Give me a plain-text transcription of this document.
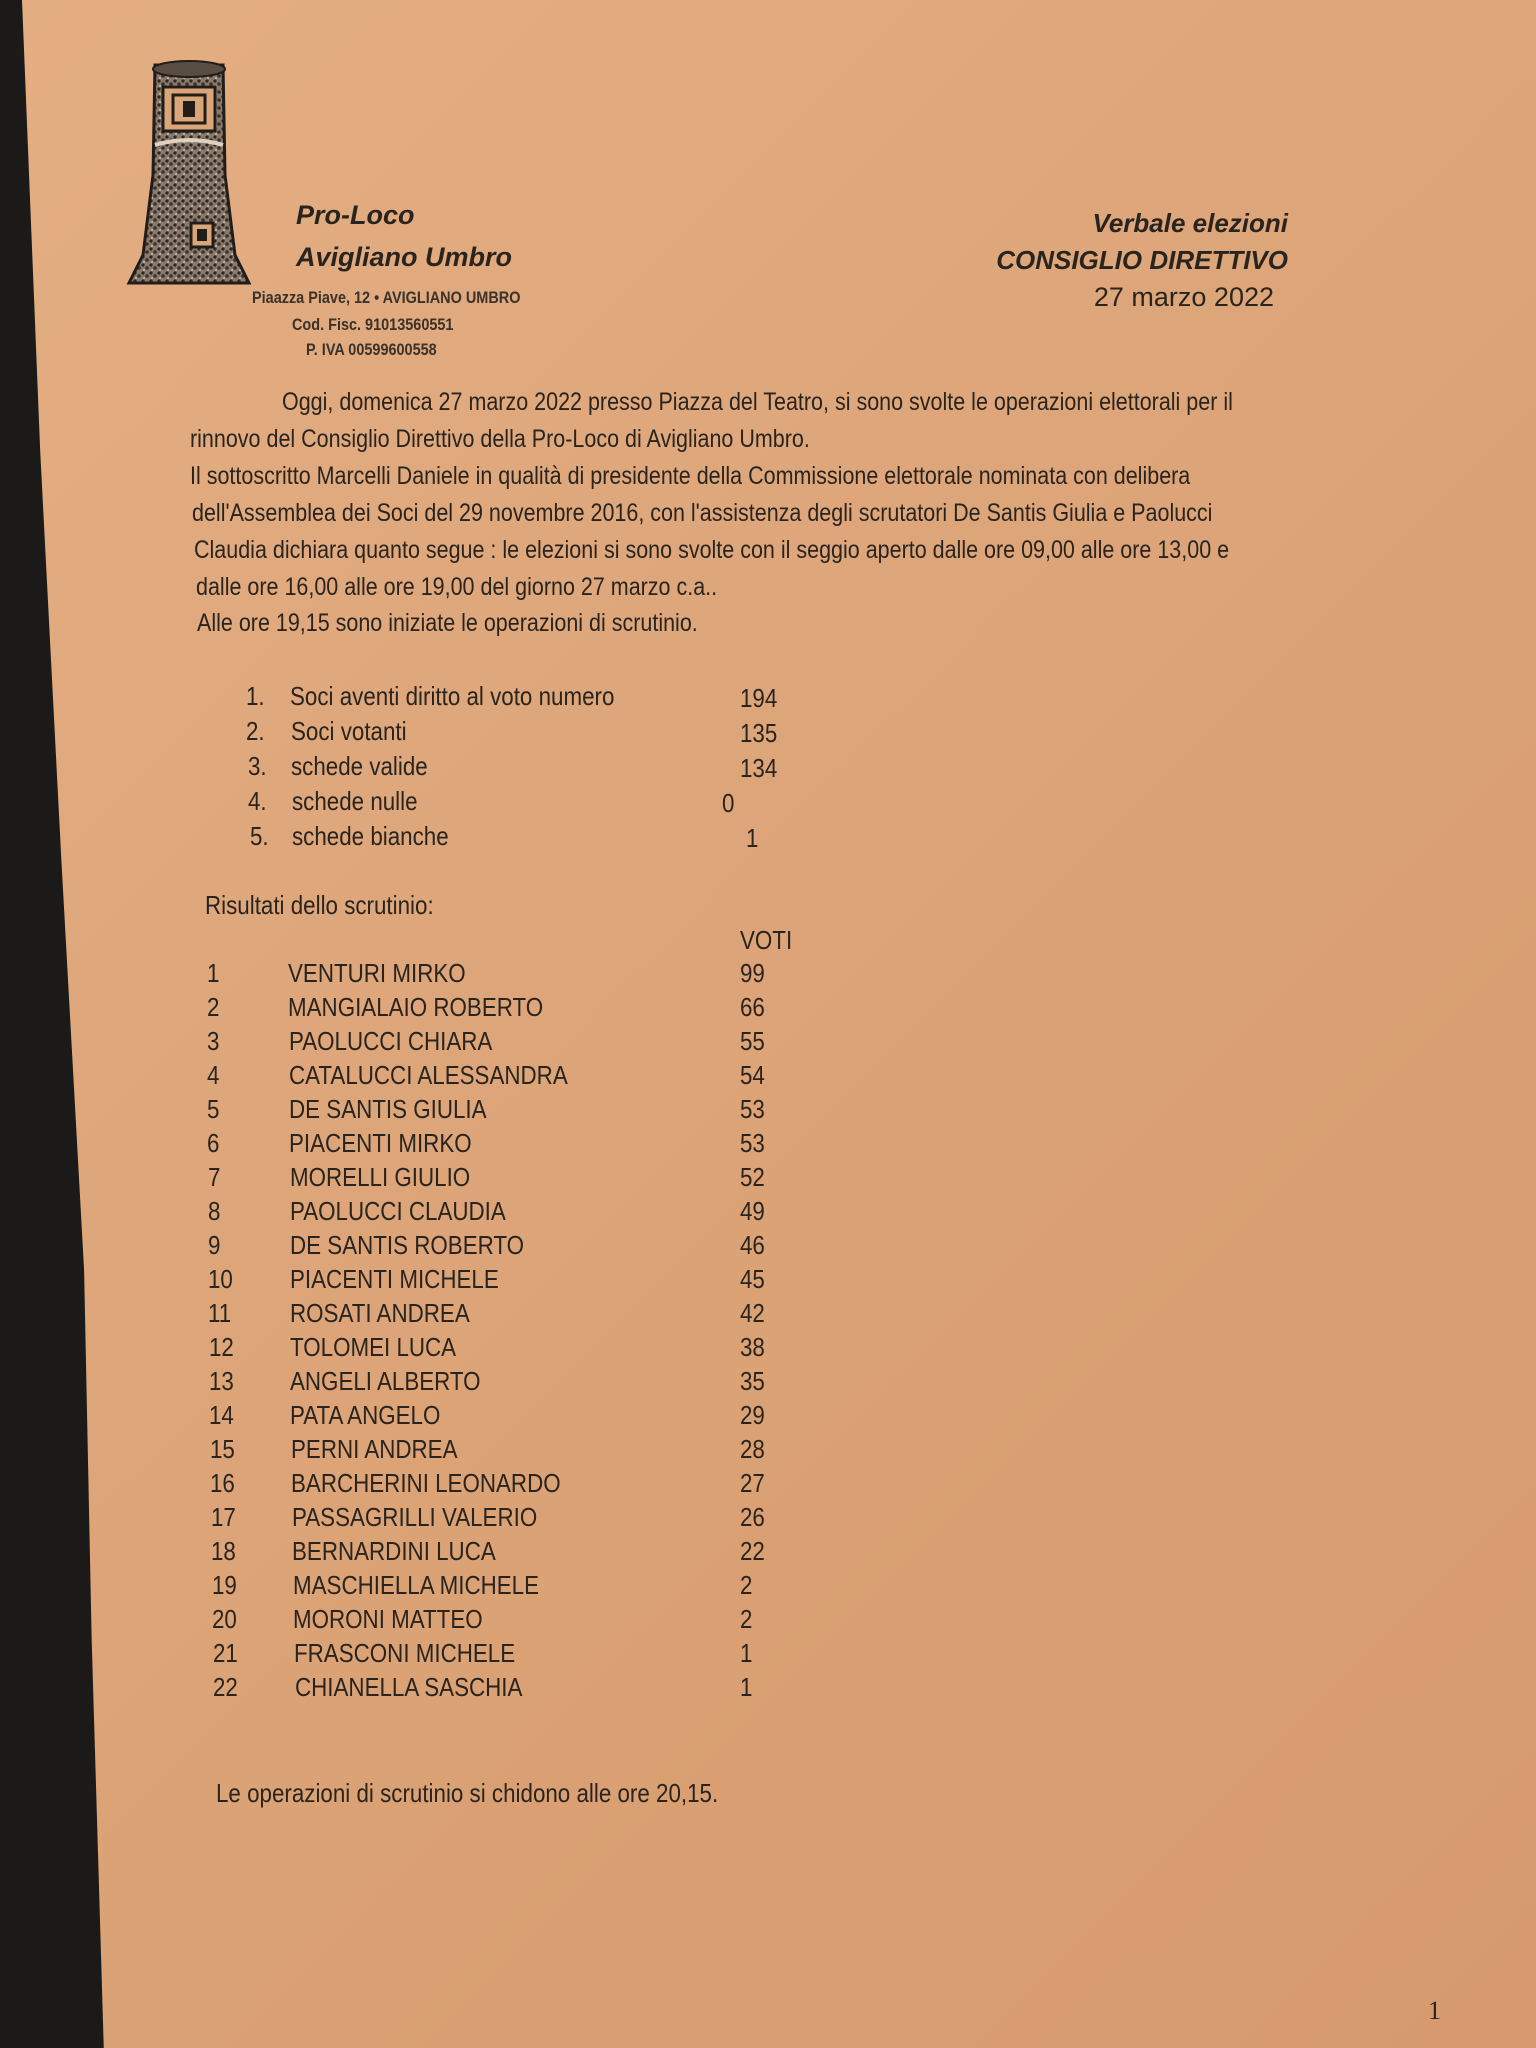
Pro-Loco
Avigliano Umbro
Piaazza Piave, 12 • AVIGLIANO UMBRO
Cod. Fisc. 91013560551
P. IVA 00599600558
Verbale elezioni
CONSIGLIO DIRETTIVO
27 marzo 2022
Oggi, domenica 27 marzo 2022 presso Piazza del Teatro, si sono svolte le operazioni elettorali per il
rinnovo del Consiglio Direttivo della Pro-Loco di Avigliano Umbro.
Il sottoscritto Marcelli Daniele in qualità di presidente della Commissione elettorale nominata con delibera
dell'Assemblea dei Soci del 29 novembre 2016, con l'assistenza degli scrutatori De Santis Giulia e Paolucci
Claudia dichiara quanto segue : le elezioni si sono svolte con il seggio aperto dalle ore 09,00 alle ore 13,00 e
dalle ore 16,00 alle ore 19,00 del giorno 27 marzo c.a..
Alle ore 19,15 sono iniziate le operazioni di scrutinio.
1. Soci aventi diritto al voto numero	194
2. Soci votanti	135
3. schede valide	134
4. schede nulle	0
5. schede bianche	1
Risultati dello scrutinio:
VOTI
1	VENTURI MIRKO	99
2	MANGIALAIO ROBERTO	66
3	PAOLUCCI CHIARA	55
4	CATALUCCI ALESSANDRA	54
5	DE SANTIS GIULIA	53
6	PIACENTI MIRKO	53
7	MORELLI GIULIO	52
8	PAOLUCCI CLAUDIA	49
9	DE SANTIS ROBERTO	46
10 PIACENTI MICHELE	45
11 ROSATI ANDREA	42
12 TOLOMEI LUCA	38
13 ANGELI ALBERTO	35
14 PATA ANGELO	29
15 PERNI ANDREA	28
16 BARCHERINI LEONARDO	27
17 PASSAGRILLI VALERIO	26
18 BERNARDINI LUCA	22
19 MASCHIELLA MICHELE	2
20 MORONI MATTEO	2
21 FRASCONI MICHELE	1
22 CHIANELLA SASCHIA	1
Le operazioni di scrutinio si chidono alle ore 20,15.
1
